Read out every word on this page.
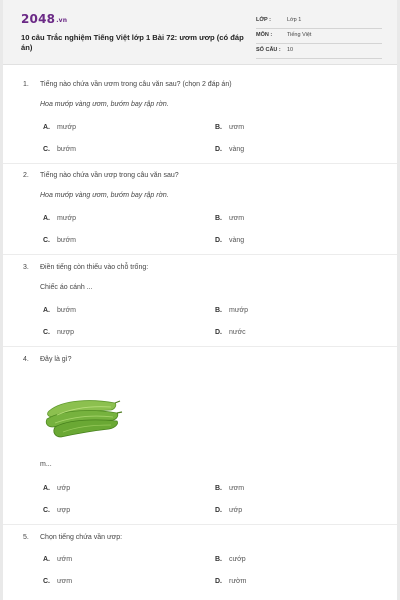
2048.vn
10 câu Trắc nghiệm Tiếng Việt lớp 1 Bài 72: ươm ươp (có đáp án)
LỚP :	Lớp 1
MÔN :	Tiếng Việt
SỐ CÂU : 10
1. Tiếng nào chứa vần ươm trong câu văn sau? (chọn 2 đáp án)
Hoa mướp vàng ươm, bướm bay rập rờn.
A. mướp	B. ươm
C. bướm	D. vàng
2. Tiếng nào chứa vần ươp trong câu văn sau?
Hoa mướp vàng ươm, bướm bay rập rờn.
A. mướp	B. ươm
C. bướm	D. vàng
3. Điền tiếng còn thiếu vào chỗ trống:
Chiếc áo cánh ...
A. bướm	B. mướp
C. nượp	D. nước
4. Đây là gì?
m...
A. ướp	B. ươm
C. ượp	D. ướp
5. Chọn tiếng chứa vần ươp:
A. ướm	B. cướp
C. ươm	D. rườm
